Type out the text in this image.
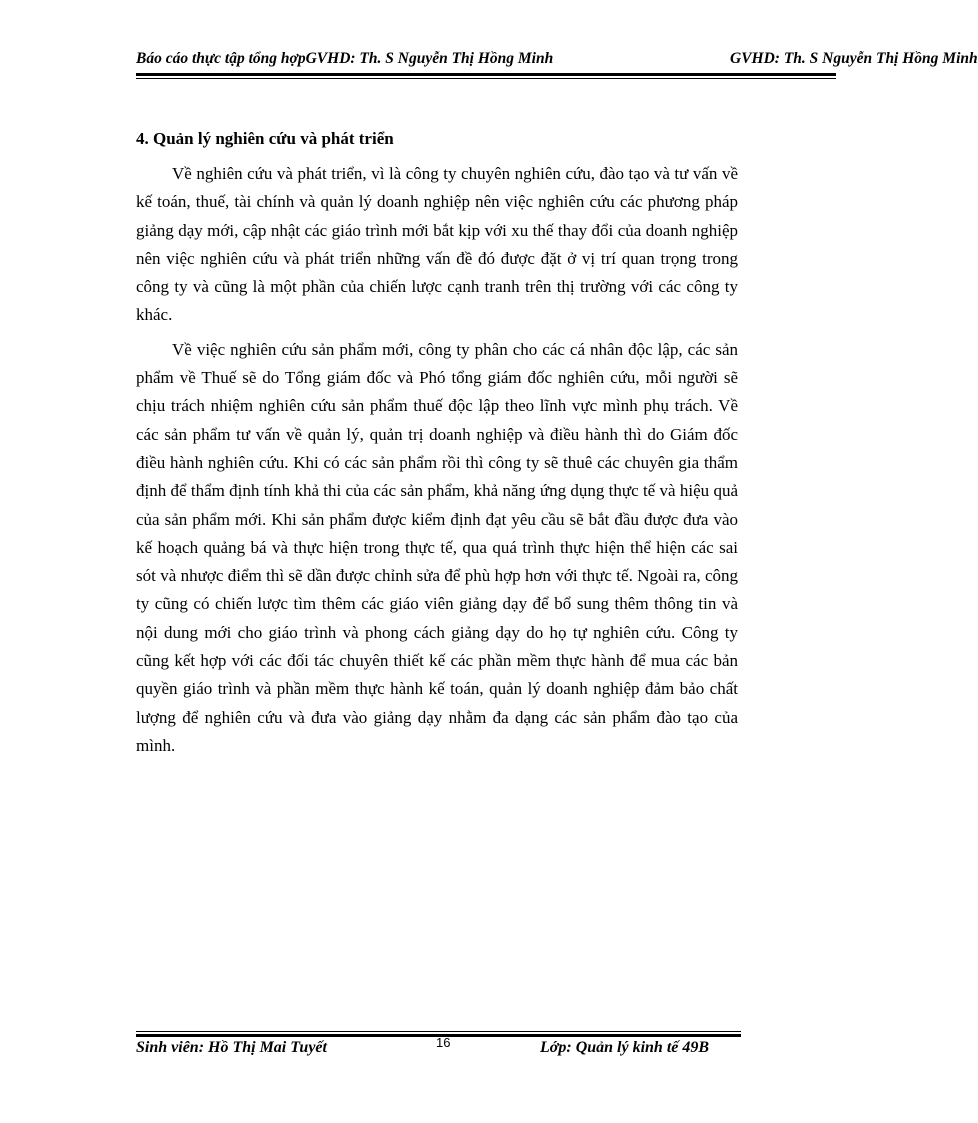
Báo cáo thực tập tổng hợpGVHD: Th. S Nguyễn Thị Hồng Minh	GVHD: Th. S Nguyễn Thị Hồng Minh
4. Quản lý nghiên cứu và phát triển

Về nghiên cứu và phát triển, vì là công ty chuyên nghiên cứu, đào tạo và tư vấn về kế toán, thuế, tài chính và quản lý doanh nghiệp nên việc nghiên cứu các phương pháp giảng dạy mới, cập nhật các giáo trình mới bắt kịp với xu thế thay đổi của doanh nghiệp nên việc nghiên cứu và phát triển những vấn đề đó được đặt ở vị trí quan trọng trong công ty và cũng là một phần của chiến lược cạnh tranh trên thị trường với các công ty khác.

Về việc nghiên cứu sản phẩm mới, công ty phân cho các cá nhân độc lập, các sản phẩm về Thuế sẽ do Tổng giám đốc và Phó tổng giám đốc nghiên cứu, mỗi người sẽ chịu trách nhiệm nghiên cứu sản phẩm thuế độc lập theo lĩnh vực mình phụ trách. Về các sản phẩm tư vấn về quản lý, quản trị doanh nghiệp và điều hành thì do Giám đốc điều hành nghiên cứu. Khi có các sản phẩm rồi thì công ty sẽ thuê các chuyên gia thẩm định để thẩm định tính khả thi của các sản phẩm, khả năng ứng dụng thực tế và hiệu quả của sản phẩm mới. Khi sản phẩm được kiểm định đạt yêu cầu sẽ bắt đầu được đưa vào kế hoạch quảng bá và thực hiện trong thực tế, qua quá trình thực hiện thể hiện các sai sót và nhược điểm thì sẽ dần được chỉnh sửa để phù hợp hơn với thực tế. Ngoài ra, công ty cũng có chiến lược tìm thêm các giáo viên giảng dạy để bổ sung thêm thông tin và nội dung mới cho giáo trình và phong cách giảng dạy do họ tự nghiên cứu. Công ty cũng kết hợp với các đối tác chuyên thiết kế các phần mềm thực hành để mua các bản quyền giáo trình và phần mềm thực hành kế toán, quản lý doanh nghiệp đảm bảo chất lượng để nghiên cứu và đưa vào giảng dạy nhằm đa dạng các sản phẩm đào tạo của mình.

Sinh viên: Hồ Thị Mai Tuyết	16	Lớp: Quản lý kinh tế 49B
